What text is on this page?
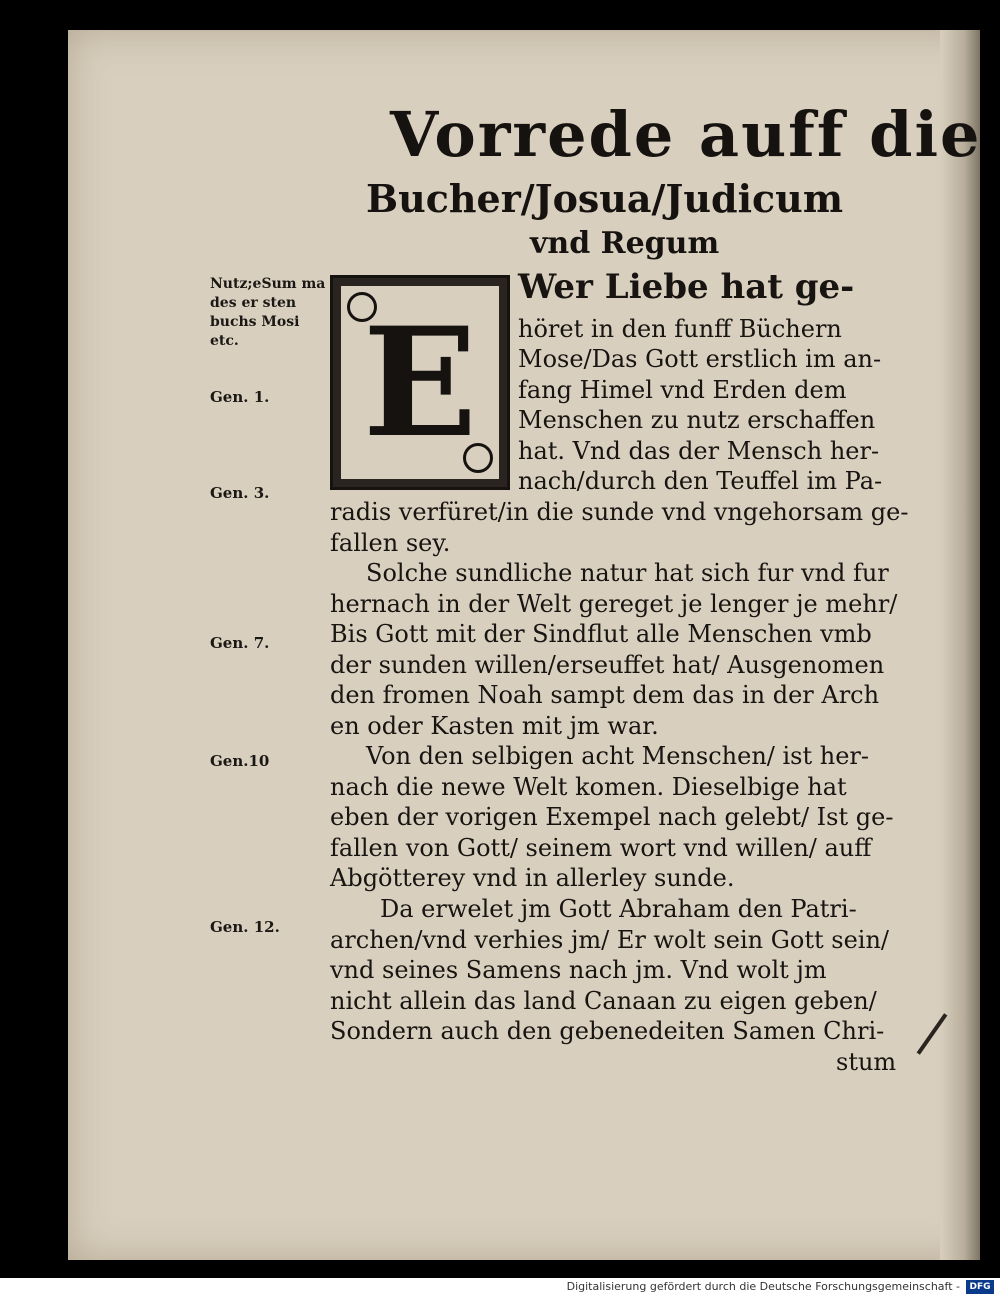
Vorrede auff die
Bucher/Josua/Judicum
vnd Regum
Nutz;eSum ma des er sten buchs Mosi etc.
Gen. 1.
Gen. 3.
Gen. 7.
Gen.10
Gen. 12.
E
Wer Liebe hat ge-
höret in den funff Büchern
Mose/Das Gott erstlich im an-
fang Himel vnd Erden dem
Menschen zu nutz erschaffen
hat. Vnd das der Mensch her-
nach/durch den Teuffel im Pa-
radis verfüret/in die sunde vnd vngehorsam ge-
fallen sey.
Solche sundliche natur hat sich fur vnd fur
hernach in der Welt gereget je lenger je mehr/
Bis Gott mit der Sindflut alle Menschen vmb
der sunden willen/erseuffet hat/ Ausgenomen
den fromen Noah sampt dem das in der Arch
en oder Kasten mit jm war.
Von den selbigen acht Menschen/ ist her-
nach die newe Welt komen. Dieselbige hat
eben der vorigen Exempel nach gelebt/ Ist ge-
fallen von Gott/ seinem wort vnd willen/ auff
Abgötterey vnd in allerley sunde.
Da erwelet jm Gott Abraham den Patri-
archen/vnd verhies jm/ Er wolt sein Gott sein/
vnd seines Samens nach jm. Vnd wolt jm
nicht allein das land Canaan zu eigen geben/
Sondern auch den gebenedeiten Samen Chri-
stum
Digitalisierung gefördert durch die Deutsche Forschungsgemeinschaft -	DFG
